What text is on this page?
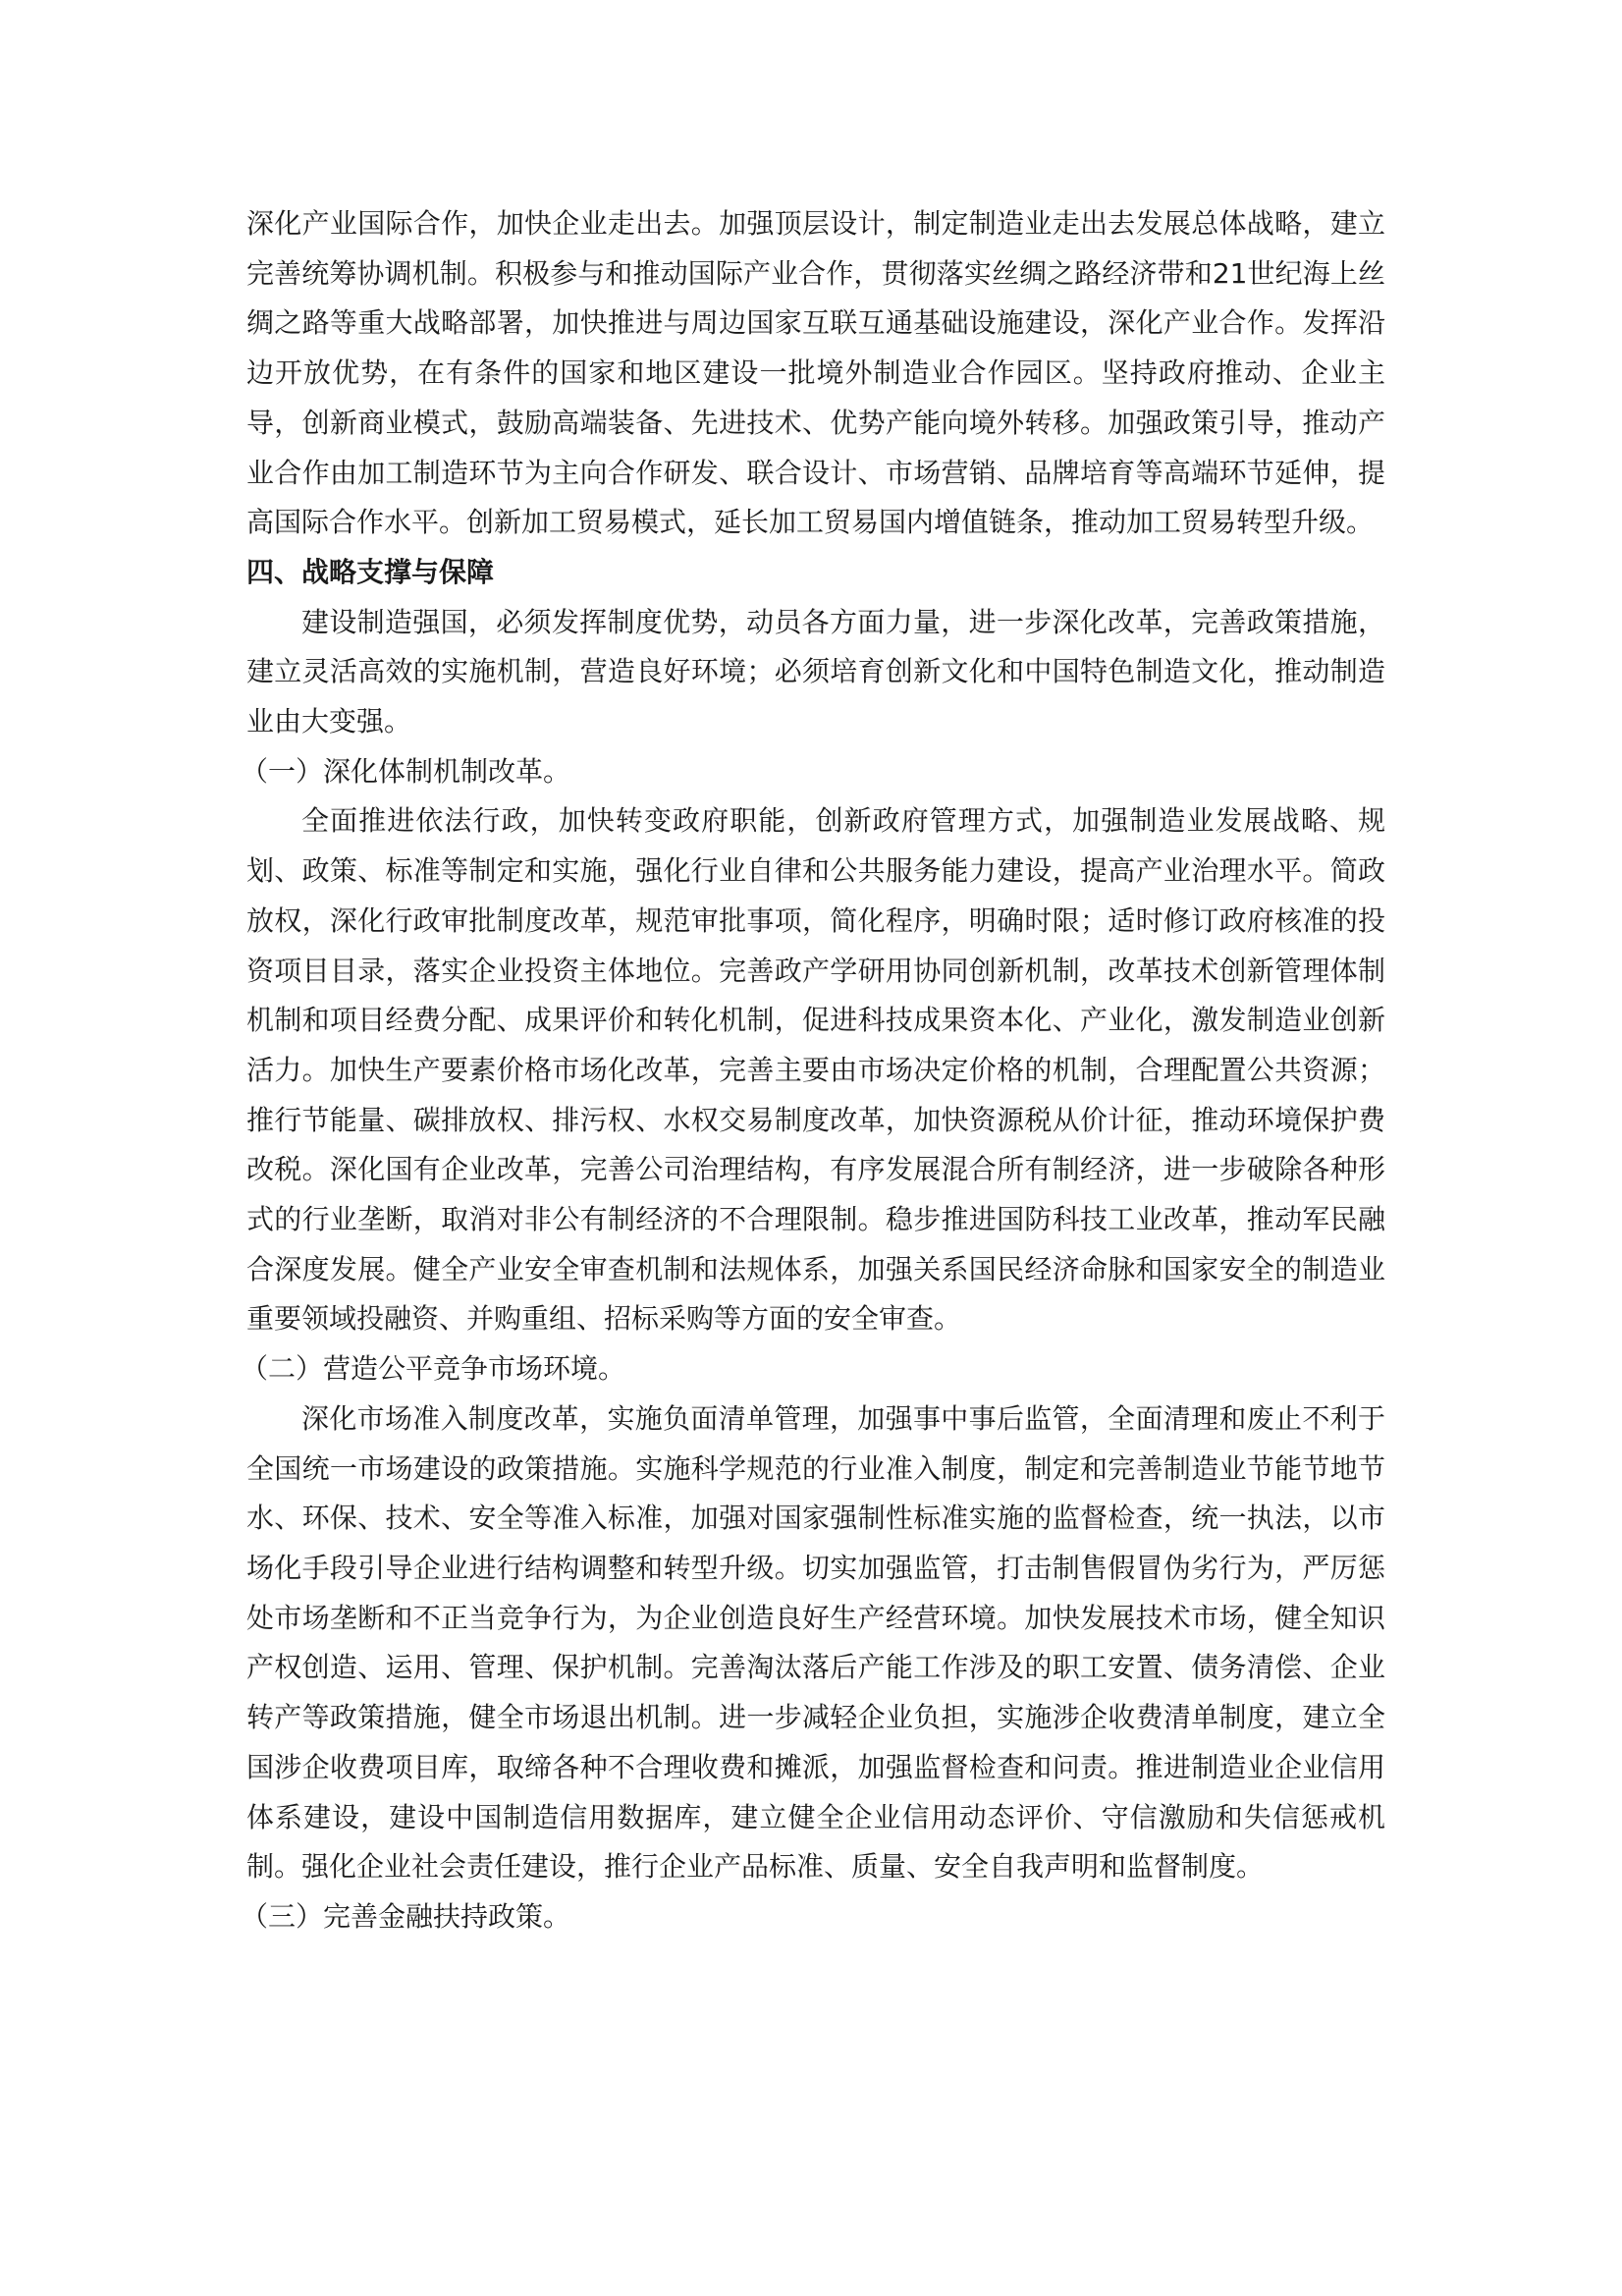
深化产业国际合作，加快企业走出去。加强顶层设计，制定制造业走出去发展总体战略，建立完善统筹协调机制。积极参与和推动国际产业合作，贯彻落实丝绸之路经济带和21世纪海上丝绸之路等重大战略部署，加快推进与周边国家互联互通基础设施建设，深化产业合作。发挥沿边开放优势，在有条件的国家和地区建设一批境外制造业合作园区。坚持政府推动、企业主导，创新商业模式，鼓励高端装备、先进技术、优势产能向境外转移。加强政策引导，推动产业合作由加工制造环节为主向合作研发、联合设计、市场营销、品牌培育等高端环节延伸，提高国际合作水平。创新加工贸易模式，延长加工贸易国内增值链条，推动加工贸易转型升级。

四、战略支撑与保障

建设制造强国，必须发挥制度优势，动员各方面力量，进一步深化改革，完善政策措施，建立灵活高效的实施机制，营造良好环境；必须培育创新文化和中国特色制造文化，推动制造业由大变强。

（一）深化体制机制改革。

全面推进依法行政，加快转变政府职能，创新政府管理方式，加强制造业发展战略、规划、政策、标准等制定和实施，强化行业自律和公共服务能力建设，提高产业治理水平。简政放权，深化行政审批制度改革，规范审批事项，简化程序，明确时限；适时修订政府核准的投资项目目录，落实企业投资主体地位。完善政产学研用协同创新机制，改革技术创新管理体制机制和项目经费分配、成果评价和转化机制，促进科技成果资本化、产业化，激发制造业创新活力。加快生产要素价格市场化改革，完善主要由市场决定价格的机制，合理配置公共资源；推行节能量、碳排放权、排污权、水权交易制度改革，加快资源税从价计征，推动环境保护费改税。深化国有企业改革，完善公司治理结构，有序发展混合所有制经济，进一步破除各种形式的行业垄断，取消对非公有制经济的不合理限制。稳步推进国防科技工业改革，推动军民融合深度发展。健全产业安全审查机制和法规体系，加强关系国民经济命脉和国家安全的制造业重要领域投融资、并购重组、招标采购等方面的安全审查。

（二）营造公平竞争市场环境。

深化市场准入制度改革，实施负面清单管理，加强事中事后监管，全面清理和废止不利于全国统一市场建设的政策措施。实施科学规范的行业准入制度，制定和完善制造业节能节地节水、环保、技术、安全等准入标准，加强对国家强制性标准实施的监督检查，统一执法，以市场化手段引导企业进行结构调整和转型升级。切实加强监管，打击制售假冒伪劣行为，严厉惩处市场垄断和不正当竞争行为，为企业创造良好生产经营环境。加快发展技术市场，健全知识产权创造、运用、管理、保护机制。完善淘汰落后产能工作涉及的职工安置、债务清偿、企业转产等政策措施，健全市场退出机制。进一步减轻企业负担，实施涉企收费清单制度，建立全国涉企收费项目库，取缔各种不合理收费和摊派，加强监督检查和问责。推进制造业企业信用体系建设，建设中国制造信用数据库，建立健全企业信用动态评价、守信激励和失信惩戒机制。强化企业社会责任建设，推行企业产品标准、质量、安全自我声明和监督制度。

（三）完善金融扶持政策。
